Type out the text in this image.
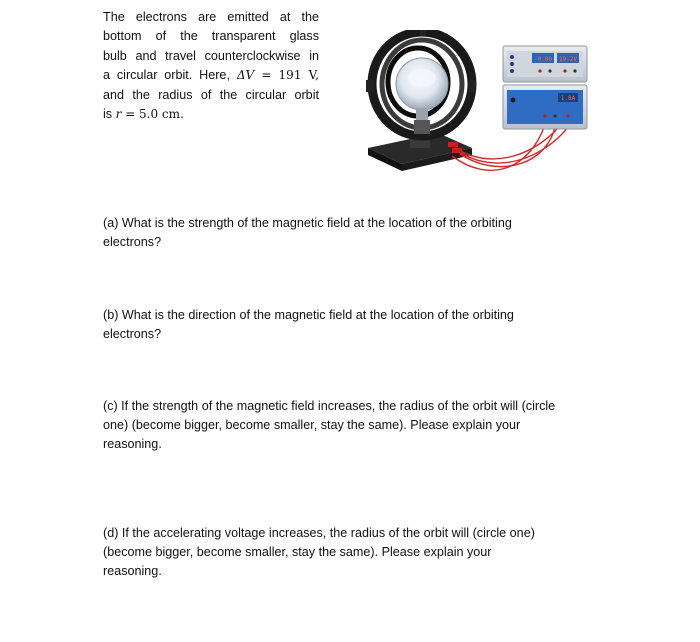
The electrons are emitted at the
bottom of the transparent glass
bulb and travel counterclockwise in
a circular orbit. Here, ΔV = 191 V,
and the radius of the circular orbit
is r = 5.0 cm.
-0.00 19.2V
1.8A
(a) What is the strength of the magnetic field at the location of the orbiting
electrons?
(b) What is the direction of the magnetic field at the location of the orbiting
electrons?
(c) If the strength of the magnetic field increases, the radius of the orbit will (circle
one) (become bigger, become smaller, stay the same). Please explain your
reasoning.
(d) If the accelerating voltage increases, the radius of the orbit will (circle one)
(become bigger, become smaller, stay the same). Please explain your
reasoning.
